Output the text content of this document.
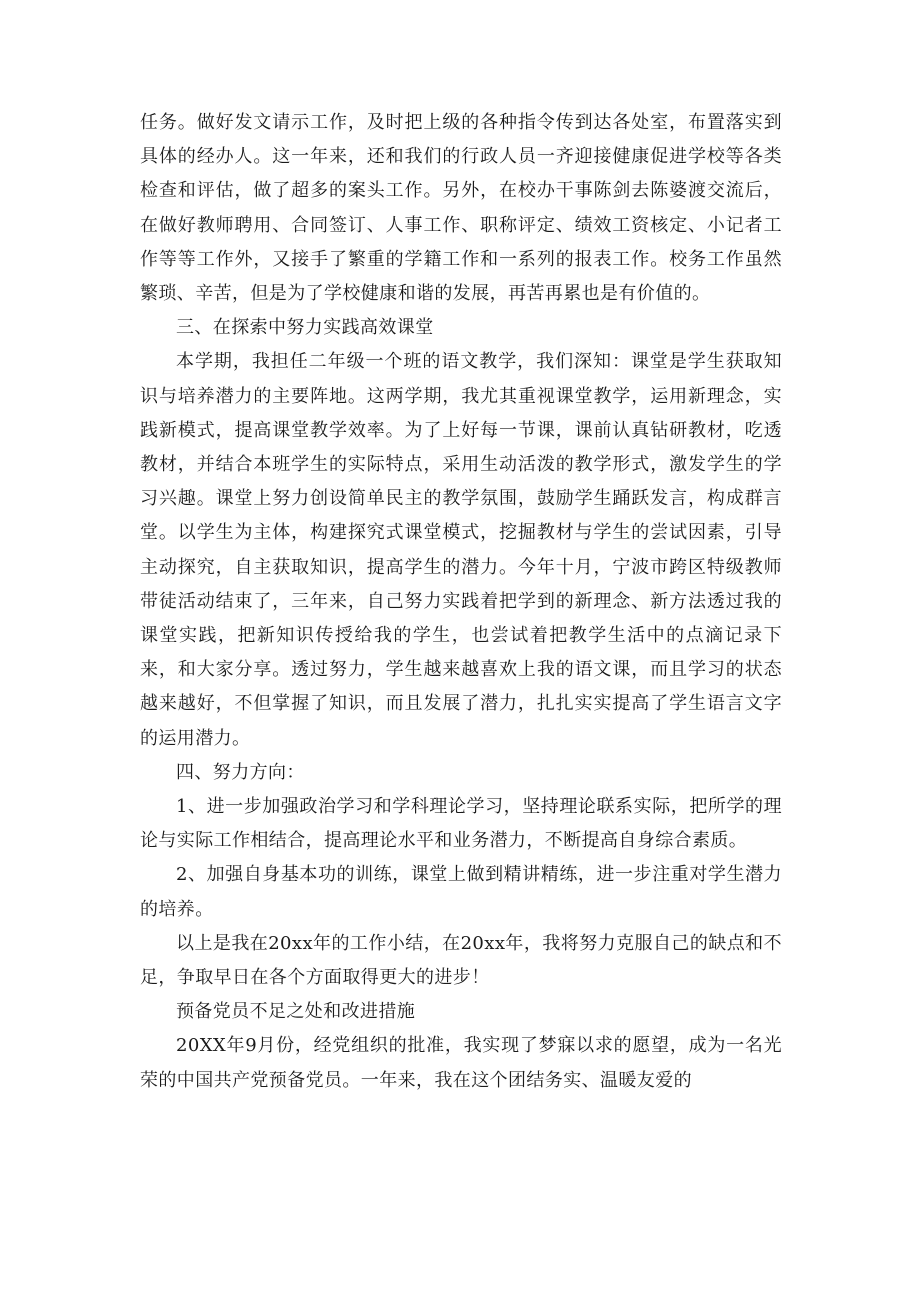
任务。做好发文请示工作，及时把上级的各种指令传到达各处室，布置落实到具体的经办人。这一年来，还和我们的行政人员一齐迎接健康促进学校等各类检查和评估，做了超多的案头工作。另外，在校办干事陈剑去陈婆渡交流后，在做好教师聘用、合同签订、人事工作、职称评定、绩效工资核定、小记者工作等等工作外，又接手了繁重的学籍工作和一系列的报表工作。校务工作虽然繁琐、辛苦，但是为了学校健康和谐的发展，再苦再累也是有价值的。

三、在探索中努力实践高效课堂

本学期，我担任二年级一个班的语文教学，我们深知：课堂是学生获取知识与培养潜力的主要阵地。这两学期，我尤其重视课堂教学，运用新理念，实践新模式，提高课堂教学效率。为了上好每一节课，课前认真钻研教材，吃透教材，并结合本班学生的实际特点，采用生动活泼的教学形式，激发学生的学习兴趣。课堂上努力创设简单民主的教学氛围，鼓励学生踊跃发言，构成群言堂。以学生为主体，构建探究式课堂模式，挖掘教材与学生的尝试因素，引导主动探究，自主获取知识，提高学生的潜力。今年十月，宁波市跨区特级教师带徒活动结束了，三年来，自己努力实践着把学到的新理念、新方法透过我的课堂实践，把新知识传授给我的学生，也尝试着把教学生活中的点滴记录下来，和大家分享。透过努力，学生越来越喜欢上我的语文课，而且学习的状态越来越好，不但掌握了知识，而且发展了潜力，扎扎实实提高了学生语言文字的运用潜力。

四、努力方向：

1、进一步加强政治学习和学科理论学习，坚持理论联系实际，把所学的理论与实际工作相结合，提高理论水平和业务潜力，不断提高自身综合素质。

2、加强自身基本功的训练，课堂上做到精讲精练，进一步注重对学生潜力的培养。

以上是我在20xx年的工作小结，在20xx年，我将努力克服自己的缺点和不足，争取早日在各个方面取得更大的进步！

预备党员不足之处和改进措施

20XX年9月份，经党组织的批准，我实现了梦寐以求的愿望，成为一名光荣的中国共产党预备党员。一年来，我在这个团结务实、温暖友爱的
